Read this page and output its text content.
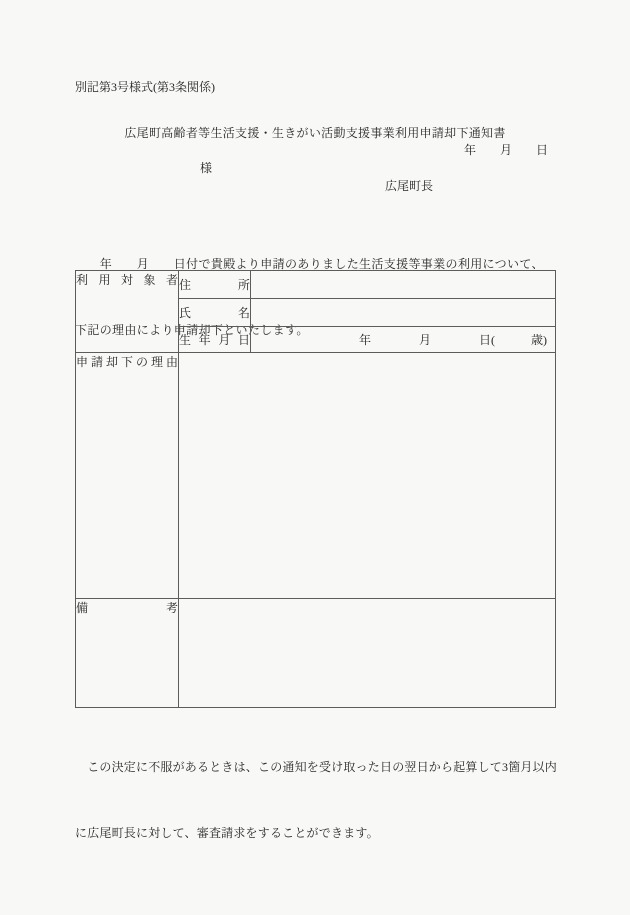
別記第3号様式(第3条関係)
広尾町高齢者等生活支援・生きがい活動支援事業利用申請却下通知書
年　　月　　日
様
広尾町長

　　年　　月　　日付で貴殿より申請のありました生活支援等事業の利用について、

下記の理由により申請却下といたします。

利用対象者	住所	
	氏名	
	生年月日	　　　　　　　　　年　　　　月　　　　日(　　　歳)
申請却下の理由		
備考		

　この決定に不服があるときは、この通知を受け取った日の翌日から起算して3箇月以内

に広尾町長に対して、審査請求をすることができます。
